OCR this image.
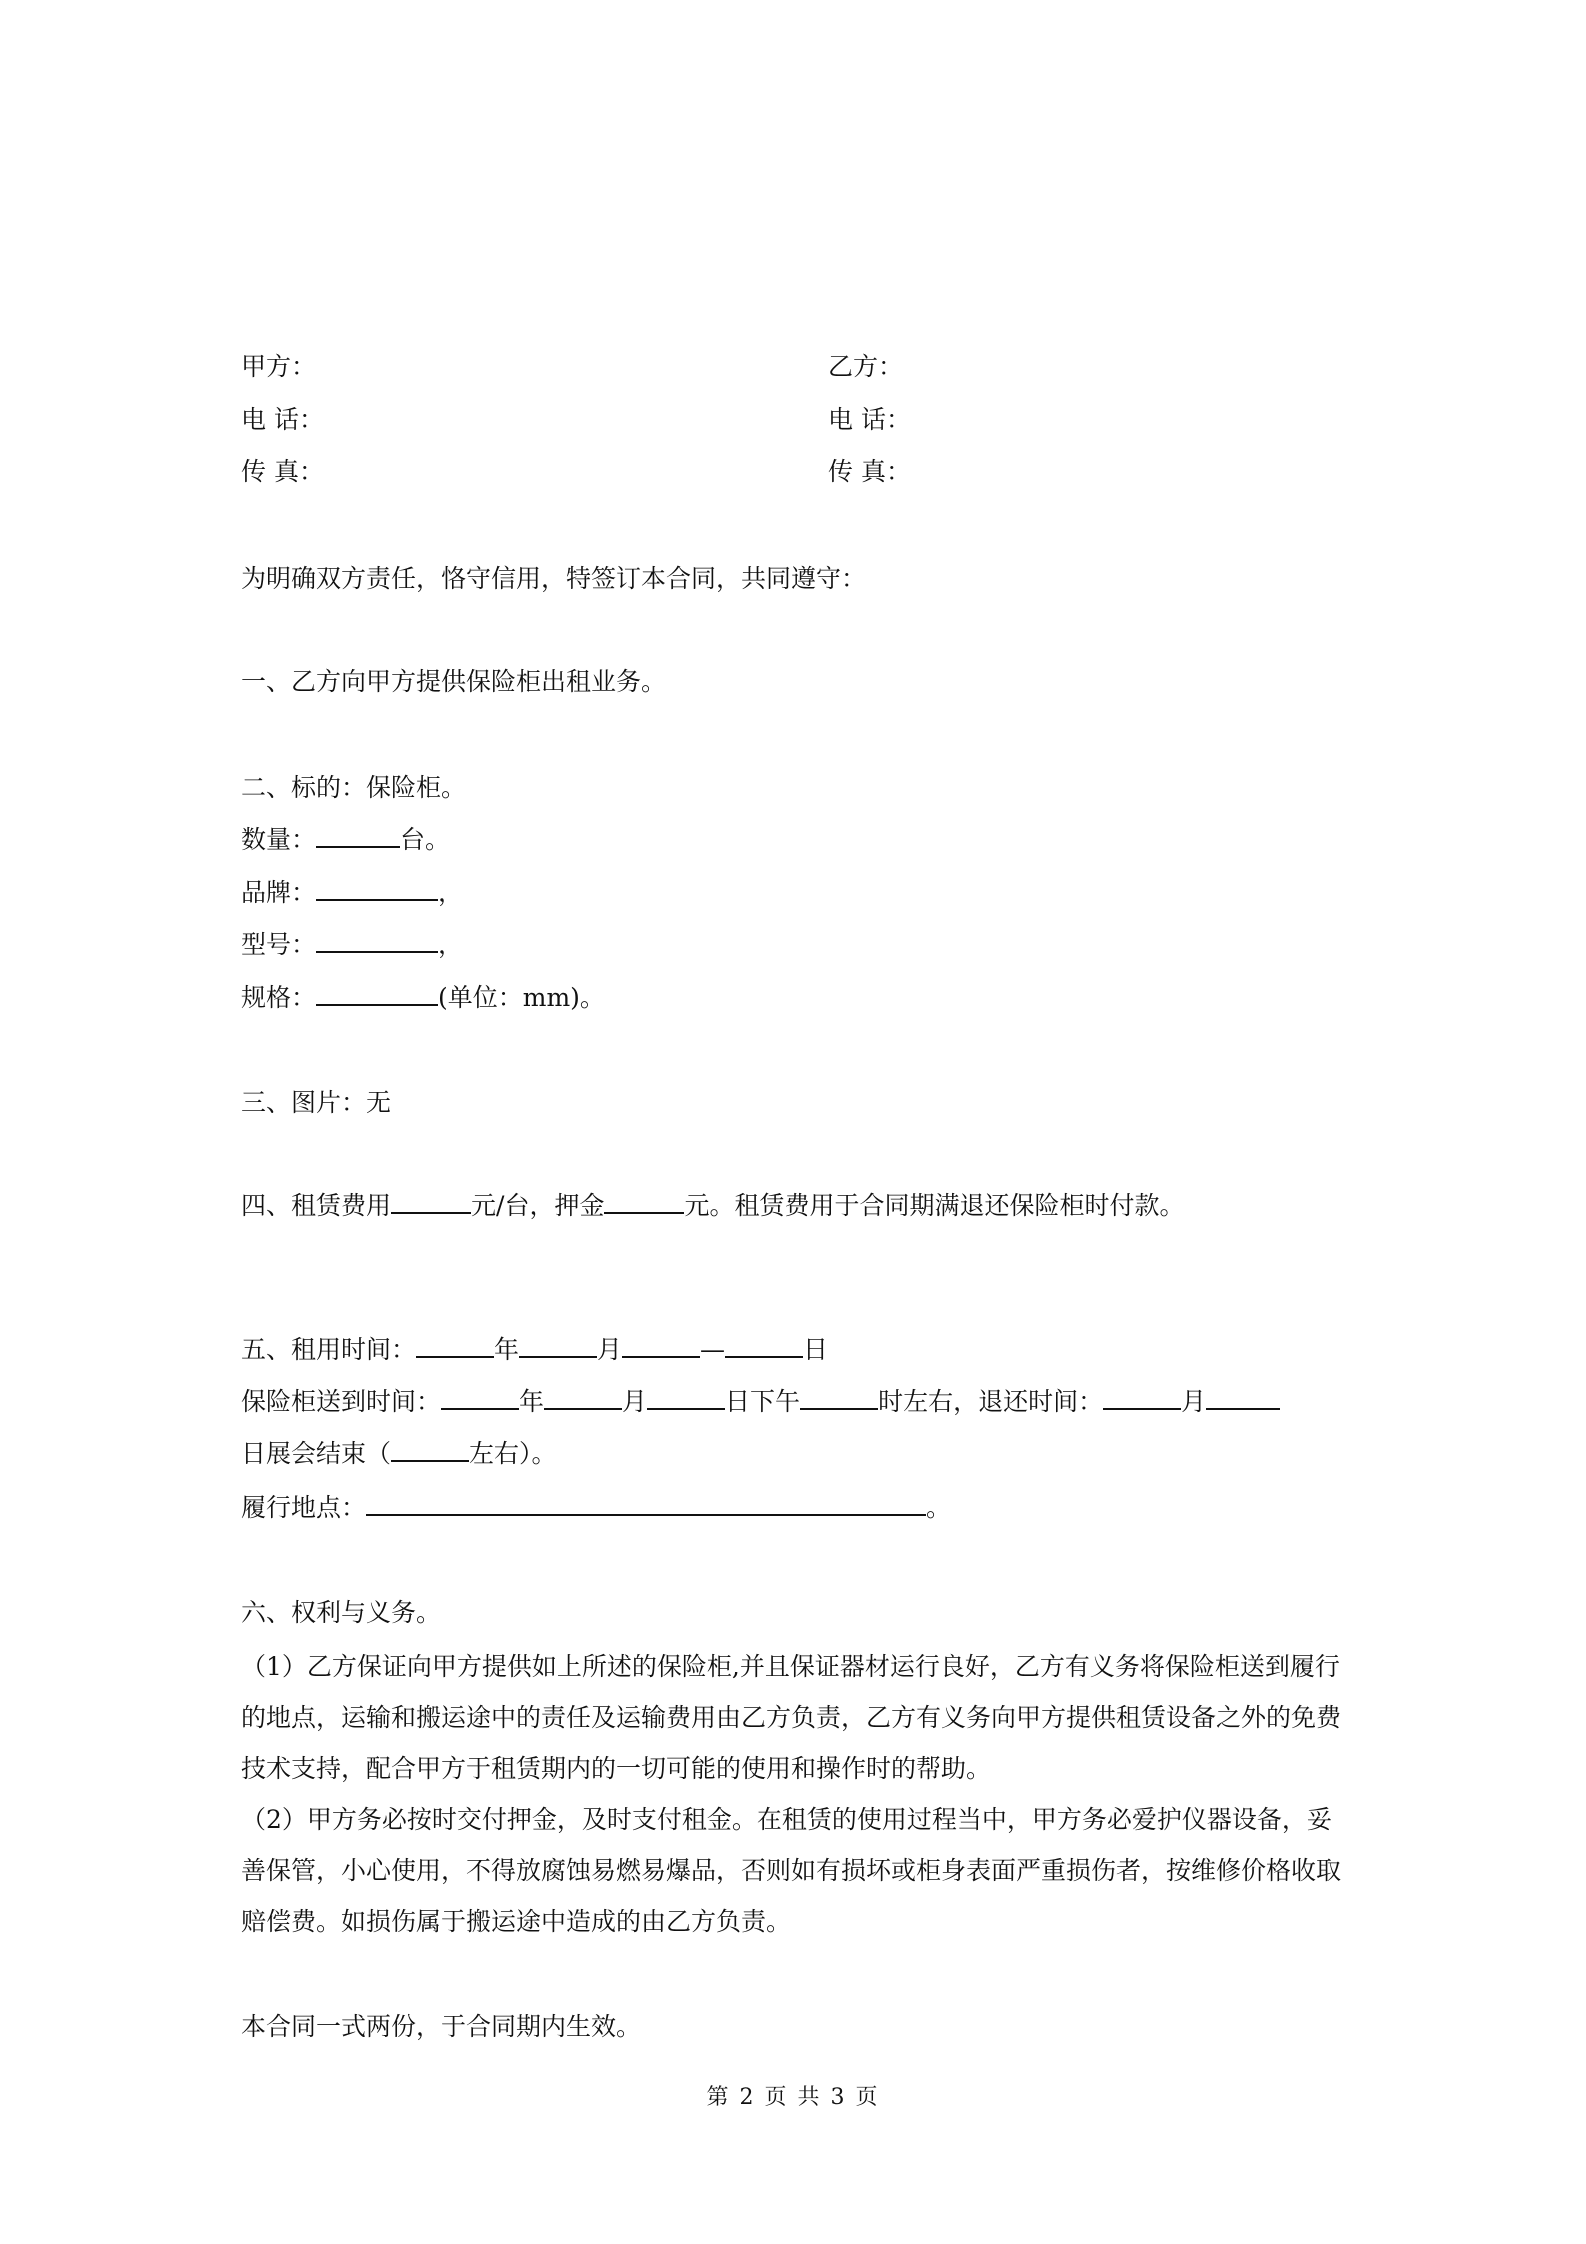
甲方：	乙方：
电 话：	电 话：
传 真：	传 真：
为明确双方责任，恪守信用，特签订本合同，共同遵守：
一、乙方向甲方提供保险柜出租业务。
二、标的：保险柜。
数量：	台。
品牌：	，
型号：	，
规格：	(单位：mm)。
三、图片：无
四、租赁费用	元/台，押金	元。租赁费用于合同期满退还保险柜时付款。
五、租用时间：	年	月	—	日
保险柜送到时间：	年	月	日下午	时左右，退还时间：	月
日展会结束（	左右）。
履行地点：	。
六、权利与义务。
（1）乙方保证向甲方提供如上所述的保险柜,并且保证器材运行良好，乙方有义务将保险柜送到履行的地点，运输和搬运途中的责任及运输费用由乙方负责，乙方有义务向甲方提供租赁设备之外的免费技术支持，配合甲方于租赁期内的一切可能的使用和操作时的帮助。
（2）甲方务必按时交付押金，及时支付租金。在租赁的使用过程当中，甲方务必爱护仪器设备，妥善保管，小心使用，不得放腐蚀易燃易爆品，否则如有损坏或柜身表面严重损伤者，按维修价格收取赔偿费。如损伤属于搬运途中造成的由乙方负责。
本合同一式两份，于合同期内生效。
第 2 页 共 3 页
